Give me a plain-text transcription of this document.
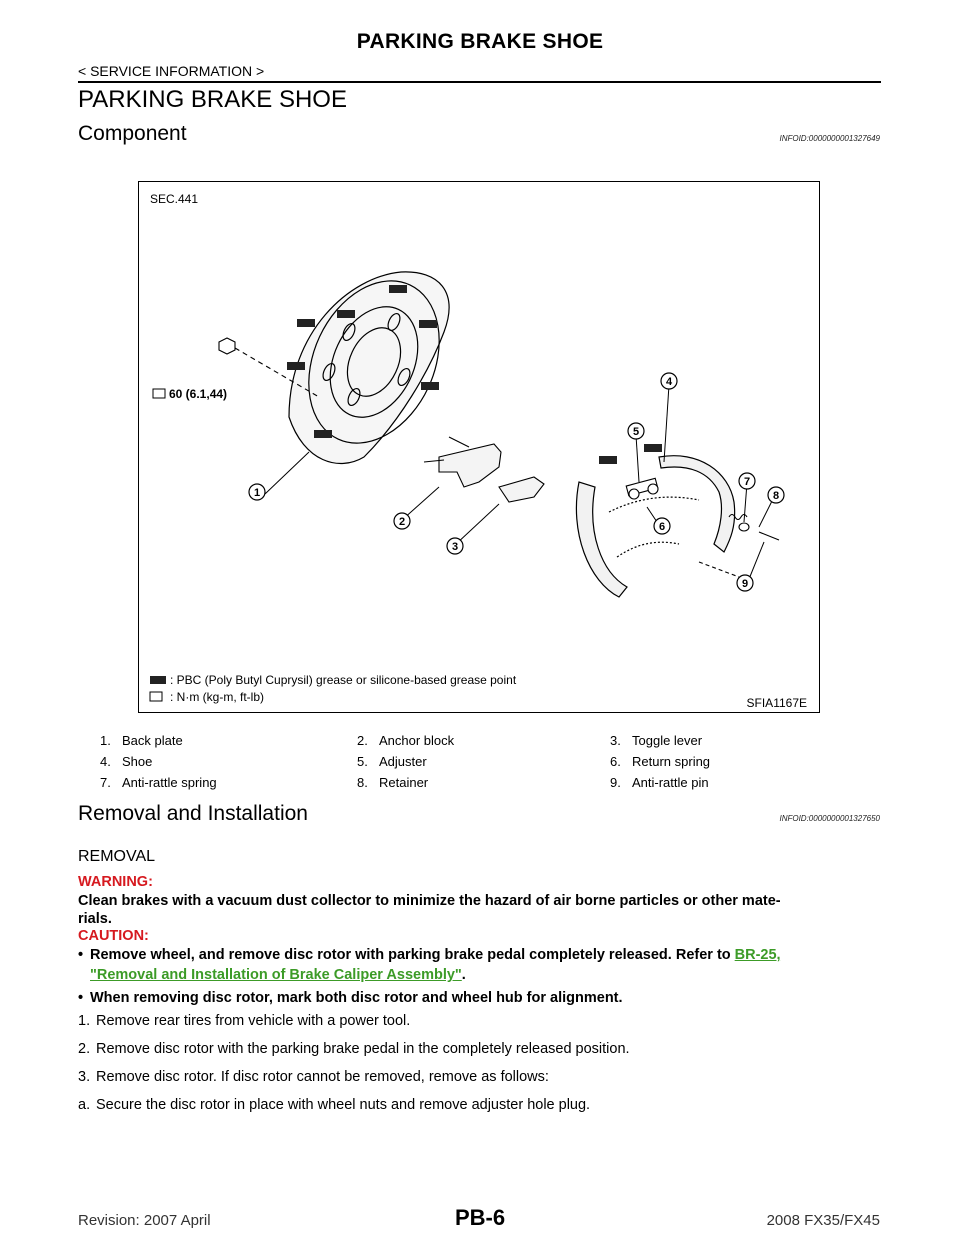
PARKING BRAKE SHOE
< SERVICE INFORMATION >
PARKING BRAKE SHOE
Component	INFOID:0000000001327649
SEC.441
60 (6.1,44)
1
2
3
4
5
6
7
8
9
: PBC (Poly Butyl Cuprysil) grease or silicone-based grease point
: N·m (kg-m, ft-lb)	SFIA1167E
1. Back plate	2. Anchor block	3. Toggle lever
4. Shoe	5. Adjuster	6. Return spring
7. Anti-rattle spring	8. Retainer	9. Anti-rattle pin
Removal and Installation	INFOID:0000000001327650
REMOVAL
WARNING:
Clean brakes with a vacuum dust collector to minimize the hazard of air borne particles or other mate-
rials.
CAUTION:
• Remove wheel, and remove disc rotor with parking brake pedal completely released. Refer to BR-25,
"Removal and Installation of Brake Caliper Assembly".
• When removing disc rotor, mark both disc rotor and wheel hub for alignment.
1. Remove rear tires from vehicle with a power tool.
2. Remove disc rotor with the parking brake pedal in the completely released position.
3. Remove disc rotor. If disc rotor cannot be removed, remove as follows:
a. Secure the disc rotor in place with wheel nuts and remove adjuster hole plug.
Revision: 2007 April	PB-6	2008 FX35/FX45
